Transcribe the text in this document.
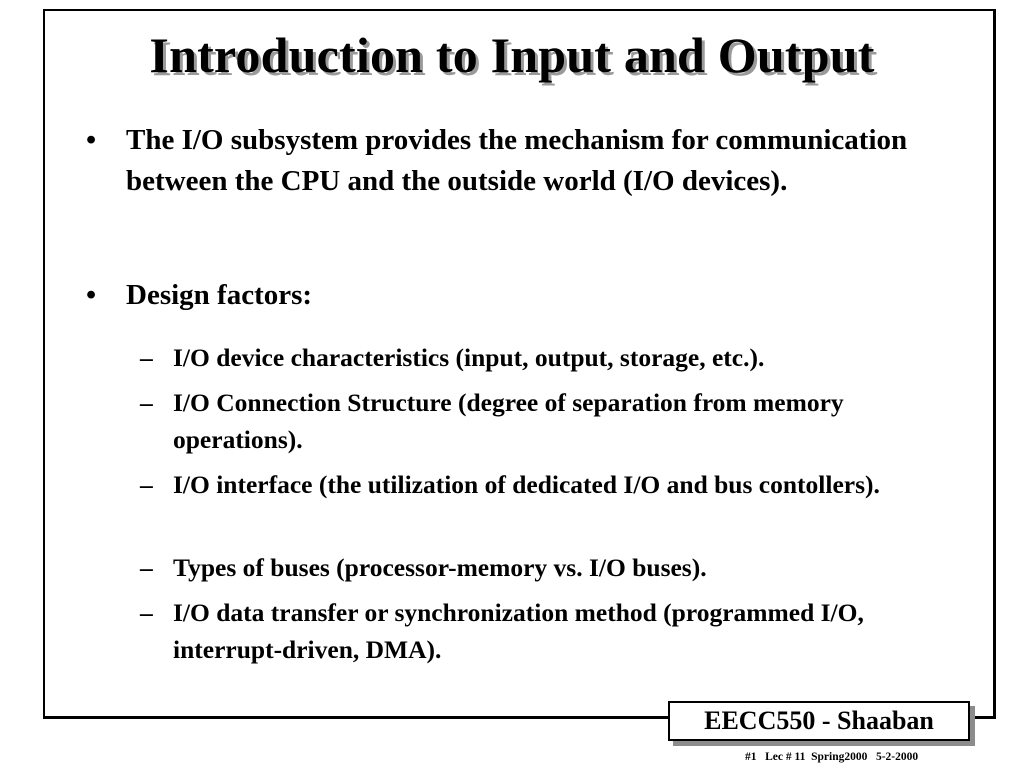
Introduction to Input and Output
• The I/O subsystem provides the mechanism for communication between the CPU and the outside world (I/O devices).
• Design factors:
– I/O device characteristics (input, output, storage, etc.).
– I/O Connection Structure (degree of separation from memory operations).
– I/O interface (the utilization of dedicated I/O and bus contollers).
– Types of buses (processor-memory vs. I/O buses).
– I/O data transfer or synchronization method (programmed I/O, interrupt-driven, DMA).
EECC550 - Shaaban
#1   Lec # 11  Spring2000   5-2-2000
